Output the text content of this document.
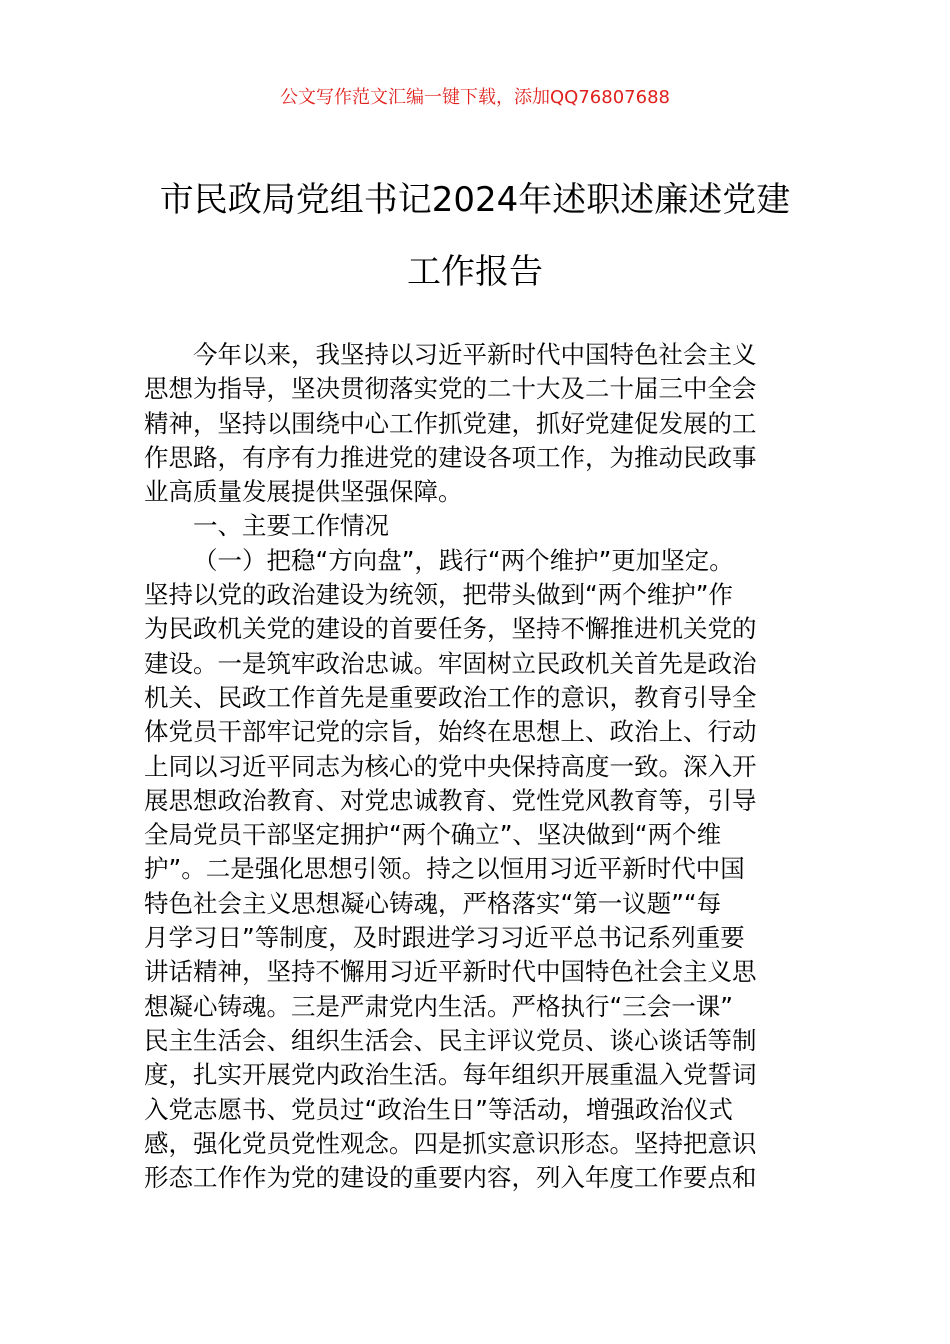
公文写作范文汇编一键下载，添加QQ76807688
市民政局党组书记2024年述职述廉述党建
工作报告
今年以来，我坚持以习近平新时代中国特色社会主义
思想为指导，坚决贯彻落实党的二十大及二十届三中全会
精神，坚持以围绕中心工作抓党建，抓好党建促发展的工
作思路，有序有力推进党的建设各项工作，为推动民政事
业高质量发展提供坚强保障。
一、主要工作情况
（一）把稳“方向盘”，践行“两个维护”更加坚定。
坚持以党的政治建设为统领，把带头做到“两个维护”作
为民政机关党的建设的首要任务，坚持不懈推进机关党的
建设。一是筑牢政治忠诚。牢固树立民政机关首先是政治
机关、民政工作首先是重要政治工作的意识，教育引导全
体党员干部牢记党的宗旨，始终在思想上、政治上、行动
上同以习近平同志为核心的党中央保持高度一致。深入开
展思想政治教育、对党忠诚教育、党性党风教育等，引导
全局党员干部坚定拥护“两个确立”、坚决做到“两个维
护”。二是强化思想引领。持之以恒用习近平新时代中国
特色社会主义思想凝心铸魂，严格落实“第一议题”“每
月学习日”等制度，及时跟进学习习近平总书记系列重要
讲话精神，坚持不懈用习近平新时代中国特色社会主义思
想凝心铸魂。三是严肃党内生活。严格执行“三会一课”
民主生活会、组织生活会、民主评议党员、谈心谈话等制
度，扎实开展党内政治生活。每年组织开展重温入党誓词
入党志愿书、党员过“政治生日”等活动，增强政治仪式
感，强化党员党性观念。四是抓实意识形态。坚持把意识
形态工作作为党的建设的重要内容，列入年度工作要点和
